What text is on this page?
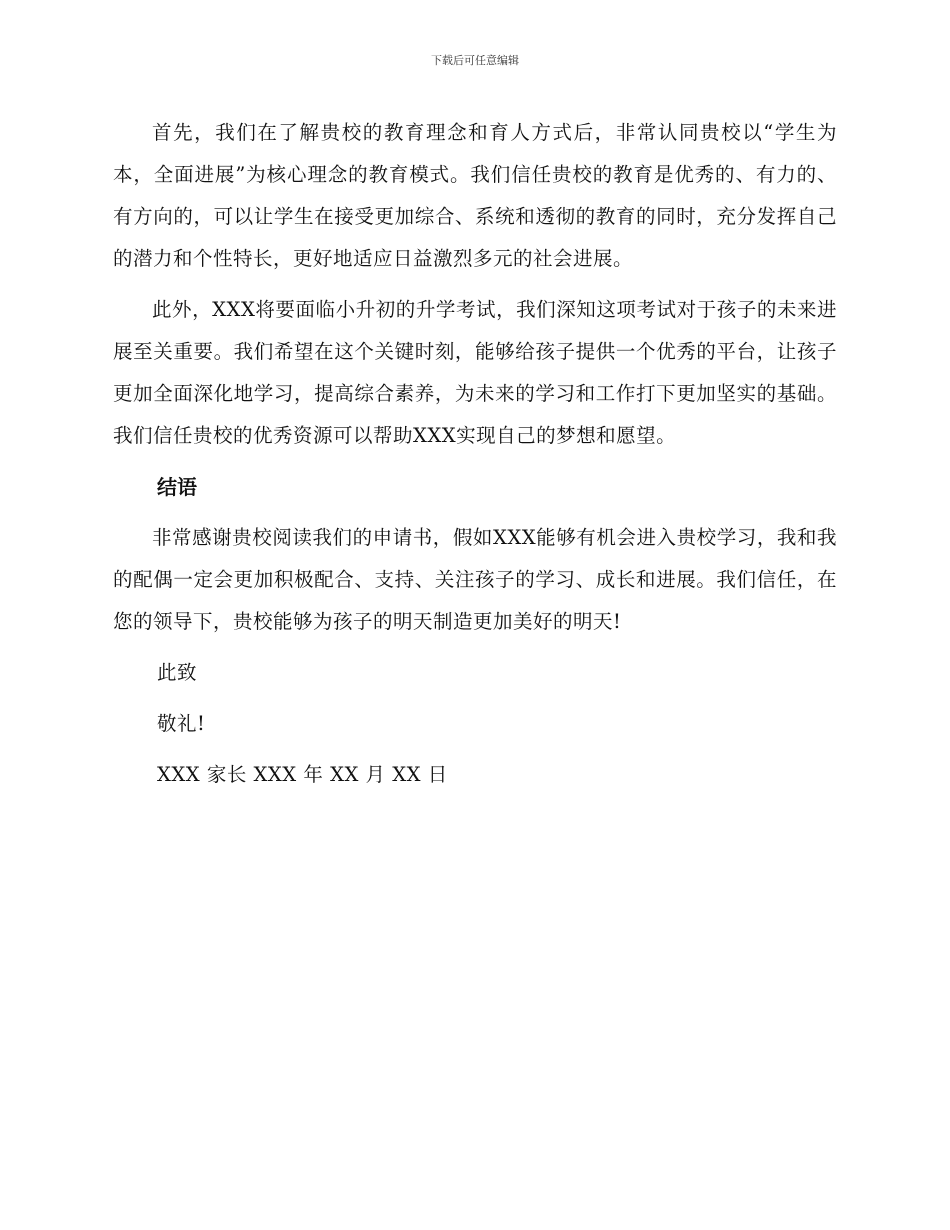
下载后可任意编辑

首先，我们在了解贵校的教育理念和育人方式后，非常认同贵校以“学生为本，全面进展”为核心理念的教育模式。我们信任贵校的教育是优秀的、有力的、有方向的，可以让学生在接受更加综合、系统和透彻的教育的同时，充分发挥自己的潜力和个性特长，更好地适应日益激烈多元的社会进展。

此外，XXX将要面临小升初的升学考试，我们深知这项考试对于孩子的未来进展至关重要。我们希望在这个关键时刻，能够给孩子提供一个优秀的平台，让孩子更加全面深化地学习，提高综合素养，为未来的学习和工作打下更加坚实的基础。我们信任贵校的优秀资源可以帮助XXX实现自己的梦想和愿望。

结语

非常感谢贵校阅读我们的申请书，假如XXX能够有机会进入贵校学习，我和我的配偶一定会更加积极配合、支持、关注孩子的学习、成长和进展。我们信任，在您的领导下，贵校能够为孩子的明天制造更加美好的明天!

此致
敬礼!
XXX 家长 XXX 年 XX 月 XX 日
